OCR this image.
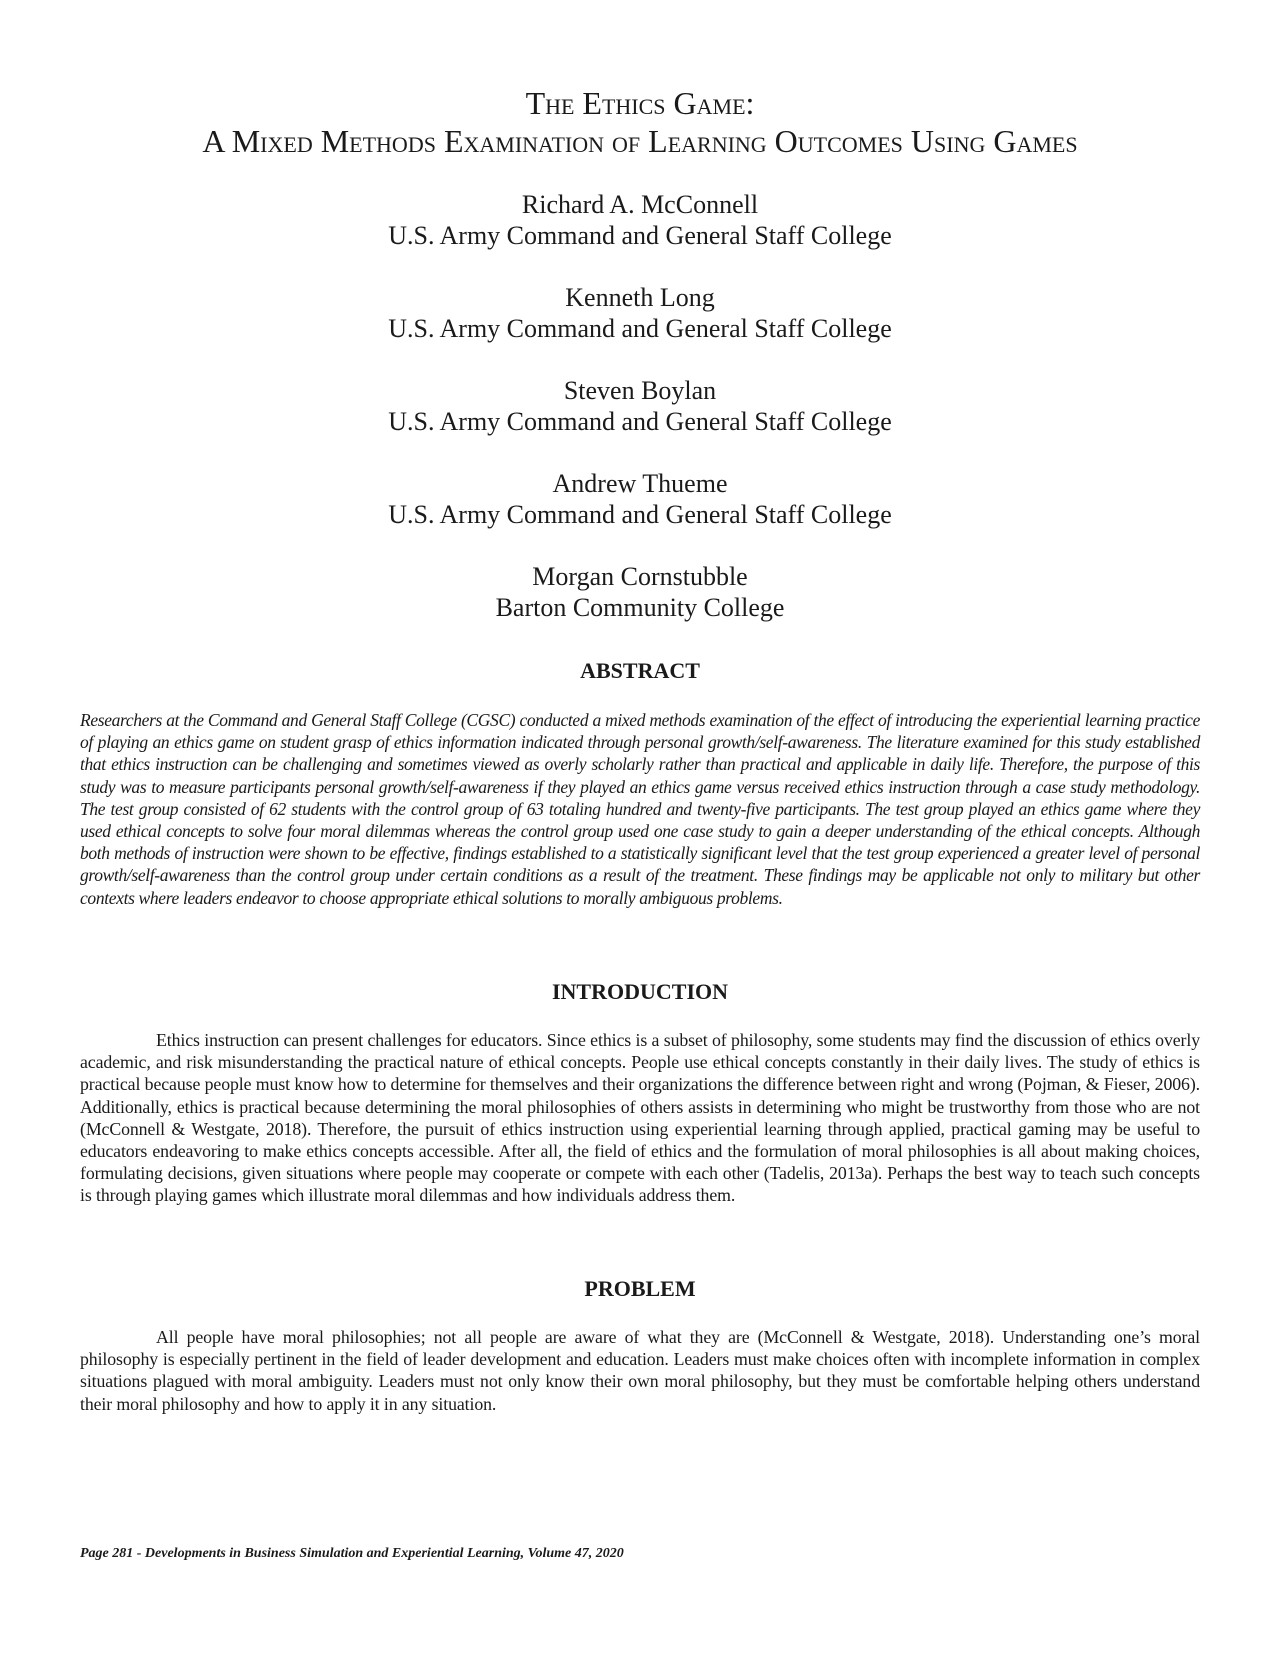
The Ethics Game:
A Mixed Methods Examination of Learning Outcomes Using Games
Richard A. McConnell
U.S. Army Command and General Staff College
Kenneth Long
U.S. Army Command and General Staff College
Steven Boylan
U.S. Army Command and General Staff College
Andrew Thueme
U.S. Army Command and General Staff College
Morgan Cornstubble
Barton Community College
ABSTRACT

Researchers at the Command and General Staff College (CGSC) conducted a mixed methods examination of the effect of introducing the experiential learning practice of playing an ethics game on student grasp of ethics information indicated through personal growth/self-awareness. The literature examined for this study established that ethics instruction can be challenging and sometimes viewed as overly scholarly rather than practical and applicable in daily life. Therefore, the purpose of this study was to measure participants personal growth/self-awareness if they played an ethics game versus received ethics instruction through a case study methodology. The test group consisted of 62 students with the control group of 63 totaling hundred and twenty-five participants. The test group played an ethics game where they used ethical concepts to solve four moral dilemmas whereas the control group used one case study to gain a deeper understanding of the ethical concepts. Although both methods of instruction were shown to be effective, findings established to a statistically significant level that the test group experienced a greater level of personal growth/self-awareness than the control group under certain conditions as a result of the treatment. These findings may be applicable not only to military but other contexts where leaders endeavor to choose appropriate ethical solutions to morally ambiguous problems.

INTRODUCTION

Ethics instruction can present challenges for educators. Since ethics is a subset of philosophy, some students may find the discussion of ethics overly academic, and risk misunderstanding the practical nature of ethical concepts. People use ethical concepts constantly in their daily lives. The study of ethics is practical because people must know how to determine for themselves and their organizations the difference between right and wrong (Pojman, & Fieser, 2006). Additionally, ethics is practical because determining the moral philosophies of others assists in determining who might be trustworthy from those who are not (McConnell & Westgate, 2018). Therefore, the pursuit of ethics instruction using experiential learning through applied, practical gaming may be useful to educators endeavoring to make ethics concepts accessible. After all, the field of ethics and the formulation of moral philosophies is all about making choices, formulating decisions, given situations where people may cooperate or compete with each other (Tadelis, 2013a). Perhaps the best way to teach such concepts is through playing games which illustrate moral dilemmas and how individuals address them.

PROBLEM

All people have moral philosophies; not all people are aware of what they are (McConnell & Westgate, 2018). Understanding one’s moral philosophy is especially pertinent in the field of leader development and education. Leaders must make choices often with incomplete information in complex situations plagued with moral ambiguity. Leaders must not only know their own moral philosophy, but they must be comfortable helping others understand their moral philosophy and how to apply it in any situation.

Page 281 - Developments in Business Simulation and Experiential Learning, Volume 47, 2020
